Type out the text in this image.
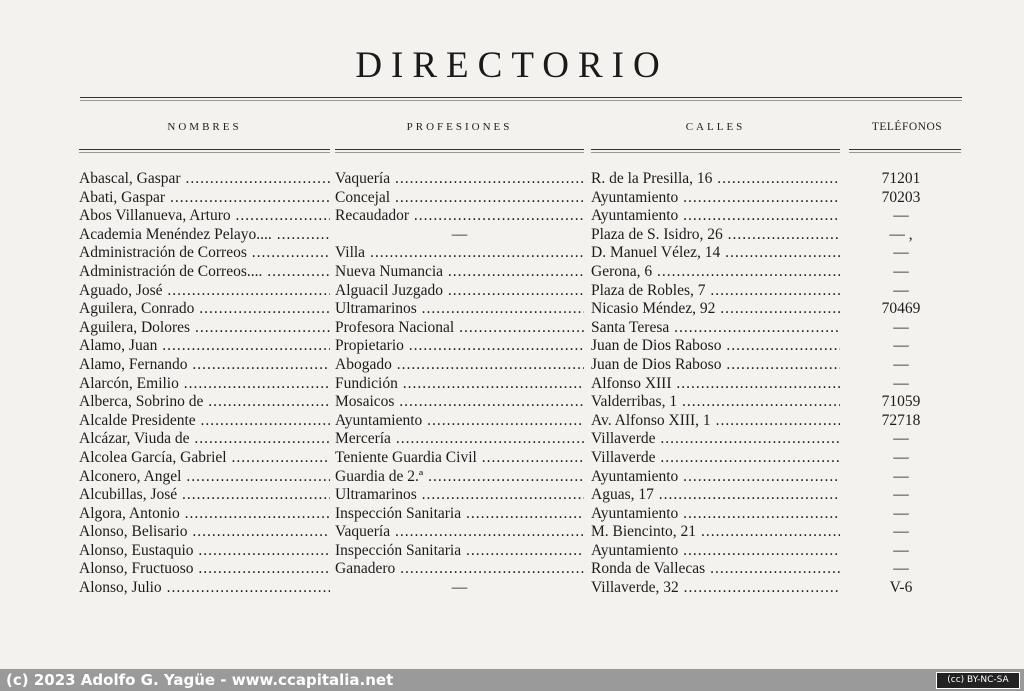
DIRECTORIO
NOMBRES	PROFESIONES	CALLES	TELÉFONOS
Abascal, Gaspar .....	Vaquería .....	R. de la Presilla, 16 .....	71201
Abati, Gaspar .....	Concejal .....	Ayuntamiento .....	70203
Abos Villanueva, Arturo .....	Recaudador .....	Ayuntamiento .....	—
Academia Menéndez Pelayo.... .....	—	Plaza de S. Isidro, 26 .....	— ,
Administración de Correos .....	Villa .....	D. Manuel Vélez, 14 .....	—
Administración de Correos.... .....	Nueva Numancia .....	Gerona, 6 .....	—
Aguado, José .....	Alguacil Juzgado .....	Plaza de Robles, 7 .....	—
Aguilera, Conrado .....	Ultramarinos .....	Nicasio Méndez, 92 .....	70469
Aguilera, Dolores .....	Profesora Nacional .....	Santa Teresa .....	—
Alamo, Juan .....	Propietario .....	Juan de Dios Raboso .....	—
Alamo, Fernando .....	Abogado .....	Juan de Dios Raboso .....	—
Alarcón, Emilio .....	Fundición .....	Alfonso XIII .....	—
Alberca, Sobrino de .....	Mosaicos .....	Valderribas, 1 .....	71059
Alcalde Presidente .....	Ayuntamiento .....	Av. Alfonso XIII, 1 .....	72718
Alcázar, Viuda de .....	Mercería .....	Villaverde .....	—
Alcolea García, Gabriel .....	Teniente Guardia Civil .....	Villaverde .....	—
Alconero, Angel .....	Guardia de 2.ª .....	Ayuntamiento .....	—
Alcubillas, José .....	Ultramarinos .....	Aguas, 17 .....	—
Algora, Antonio .....	Inspección Sanitaria .....	Ayuntamiento .....	—
Alonso, Belisario .....	Vaquería .....	M. Biencinto, 21 .....	—
Alonso, Eustaquio .....	Inspección Sanitaria .....	Ayuntamiento .....	—
Alonso, Fructuoso .....	Ganadero .....	Ronda de Vallecas .....	—
Alonso, Julio .....	—	Villaverde, 32 .....	V-6
(c) 2023 Adolfo G. Yagüe - www.ccapitalia.net	(cc) BY-NC-SA
